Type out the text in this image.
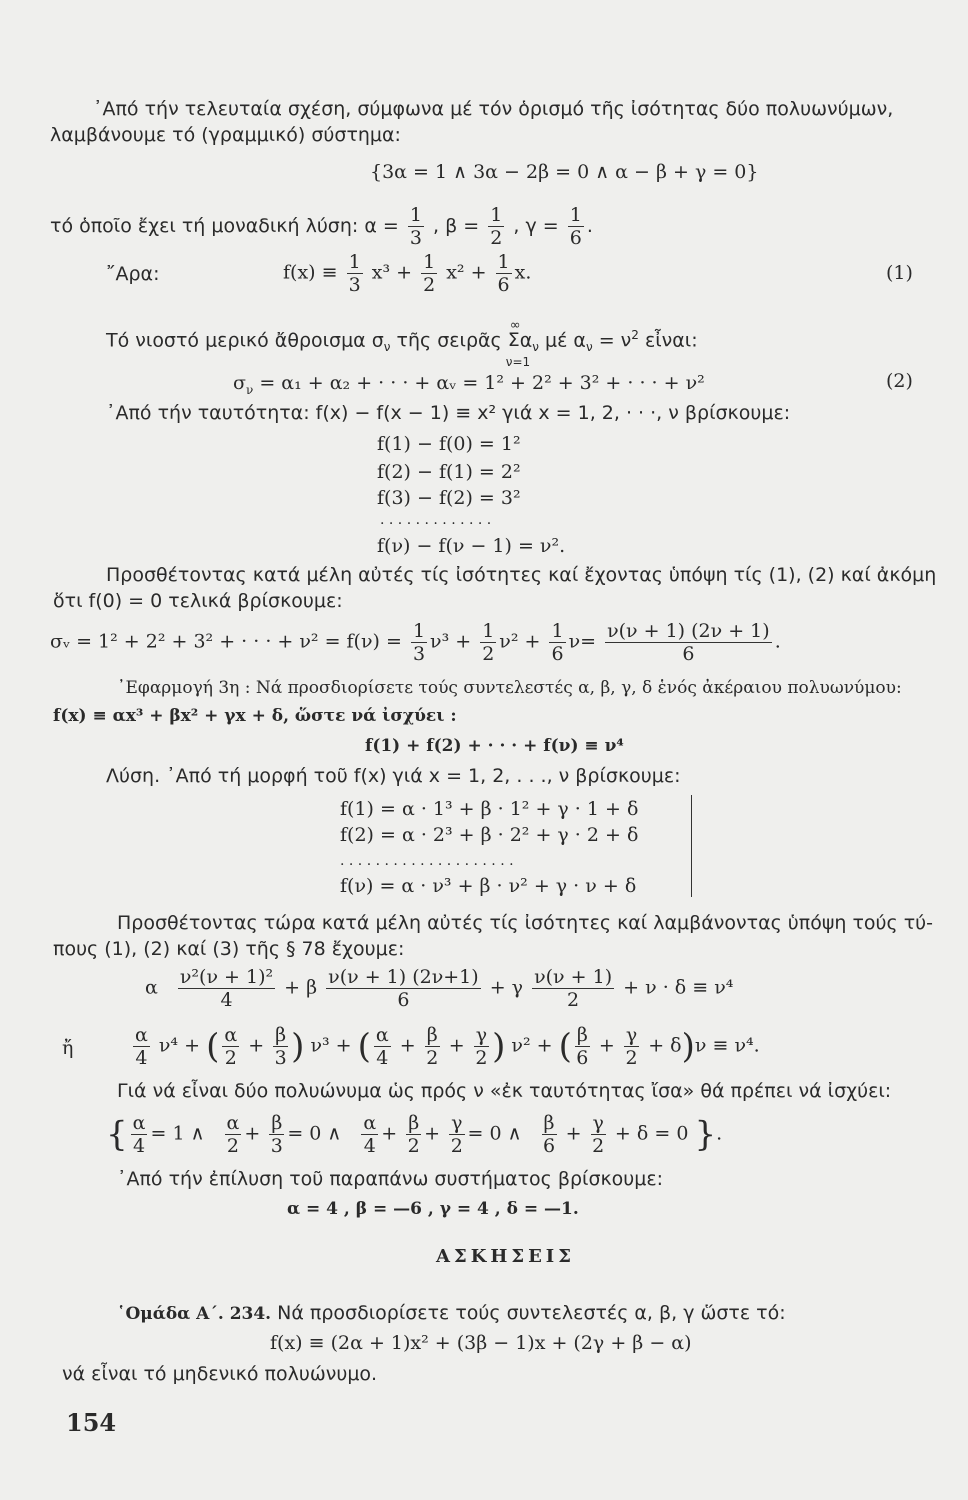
᾿Από τήν τελευταία σχέση, σύμφωνα μέ τόν ὁρισμό τῆς ἰσότητας δύο πολυωνύμων,
λαμβάνουμε τό (γραμμικό) σύστημα:
{3α = 1 ∧ 3α − 2β = 0 ∧ α − β + γ = 0}
τό ὁποῖο ἔχει τή μοναδική λύση: $\alpha = \frac{1}{3}$ , $\beta = \frac{1}{2}$ , $\gamma = \frac{1}{6}$ .
῎Αρα:	$f(x) \equiv \frac{1}{3} x^3 + \frac{1}{2} x^2 + \frac{1}{6} x$.	(1)
Τό νιοστό μερικό ἄθροισμα $\sigma_\nu$ τῆς σειρᾶς
∞
Σ
ν=1
$\alpha_\nu$ μέ $\alpha_\nu = \nu^2$ εἶναι:
$\sigma_\nu = \alpha_1 + \alpha_2$ + · · · + αᵥ = 1² + 2² + 3² + · · · + ν²	(2)
᾿Από τήν ταυτότητα: f(x) − f(x − 1) ≡ x² γιά x = 1, 2, · · ·, ν βρίσκουμε:
f(1) − f(0) = 1²
f(2) − f(1) = 2²
f(3) − f(2) = 3²
. . . . . . . . . . . . .
f(ν) − f(ν − 1) = ν².
Προσθέτοντας κατά μέλη αὐτές τίς ἰσότητες καί ἔχοντας ὑπόψη τίς (1), (2) καί ἀκόμη
ὅτι f(0) = 0 τελικά βρίσκουμε:
σᵥ = 1² + 2² + 3² + · · · + $\nu^2 = f(\nu) = \frac{1}{3} \nu^3 + \frac{1}{2} \nu^2 + \frac{1}{6} \nu= \frac{\nu(\nu + 1) (2\nu + 1)}{6}$ .
᾿Εφαρμογή 3η : Νά προσδιορίσετε τούς συντελεστές α, β, γ, δ ἑνός ἀκέραιου πολυωνύμου:
f(x) ≡ αx³ + βx² + γx + δ, ὥστε νά ἰσχύει :
f(1) + f(2) + · · · + f(ν) ≡ ν⁴
Λύση. ᾿Από τή μορφή τοῦ f(x) γιά x = 1, 2, . . ., ν βρίσκουμε:
f(1) = α · 1³ + β · 1² + γ · 1 + δ
f(2) = α · 2³ + β · 2² + γ · 2 + δ
. . . . . . . . . . . . . . . . . . . .
f(ν) = α · ν³ + β · ν² + γ · ν + δ
Προσθέτοντας τώρα κατά μέλη αὐτές τίς ἰσότητες καί λαμβάνοντας ὑπόψη τούς τύ-
πους (1), (2) καί (3) τῆς § 78 ἔχουμε:
α $\frac{\text{ν²(ν + 1)²}}{4} + \beta \frac{\nu(\nu + 1) (2\nu+1)}{6} + \gamma \frac{\nu(\nu + 1)}{2} + \nu \cdot \delta \equiv \nu^4$
ἤ	$\frac{\alpha}{4} \nu^4$ + ( $\frac{\alpha}{2} + \frac{\beta}{3}$ ) ν³ + ( $\frac{\alpha}{4} + \frac{\beta}{2} + \frac{\gamma}{2}$ ) ν² + ( $\frac{\beta}{6} + \frac{\gamma}{2} + \delta)\nu \equiv \nu^4$.
Γιά νά εἶναι δύο πολυώνυμα ὡς πρός ν «ἐκ ταυτότητας ἴσα» θά πρέπει νά ἰσχύει:
{ $\frac{\alpha}{4} = 1$ ∧ $\frac{\alpha}{2} + \frac{\beta}{3} = 0$ ∧ $\frac{\alpha}{4} + \frac{\beta}{2} + \frac{\gamma}{2} = 0$ ∧ $\frac{\beta}{6} + \frac{\gamma}{2} + \delta = 0$ }.
᾿Από τήν ἐπίλυση τοῦ παραπάνω συστήματος βρίσκουμε:
α = 4 , β = —6 , γ = 4 , δ = —1.
ΑΣΚΗΣΕΙΣ
῾Ομάδα Α΄. 234. Νά προσδιορίσετε τούς συντελεστές α, β, γ ὥστε τό:
f(x) ≡ (2α + 1)x² + (3β − 1)x + (2γ + β − α)
νά εἶναι τό μηδενικό πολυώνυμο.
154
